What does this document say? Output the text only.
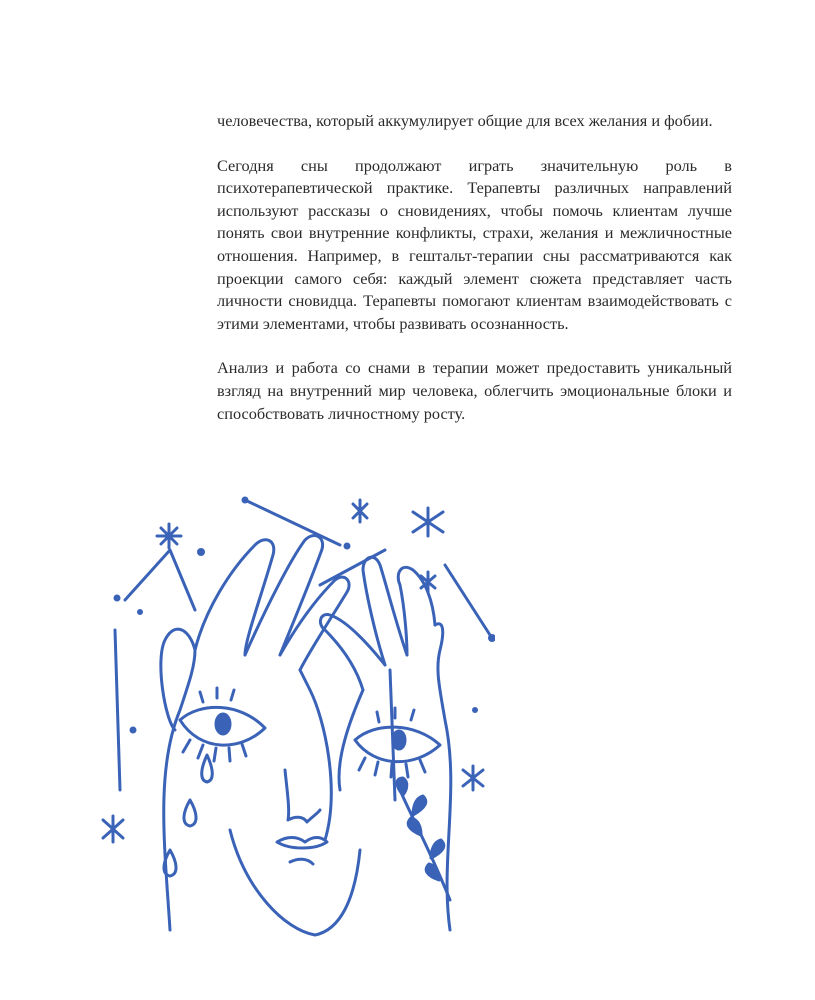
человечества, который аккумулирует общие для всех желания и фобии.

Сегодня сны продолжают играть значительную роль в психотерапевтической практике. Терапевты различных направлений используют рассказы о сновидениях, чтобы помочь клиентам лучше понять свои внутренние конфликты, страхи, желания и межличностные отношения. Например, в гештальт-терапии сны рассматриваются как проекции самого себя: каждый элемент сюжета представляет часть личности сновидца. Терапевты помогают клиентам взаимодействовать с этими элементами, чтобы развивать осознанность.

Анализ и работа со снами в терапии может предоставить уникальный взгляд на внутренний мир человека, облегчить эмоциональные блоки и способствовать личностному росту.
